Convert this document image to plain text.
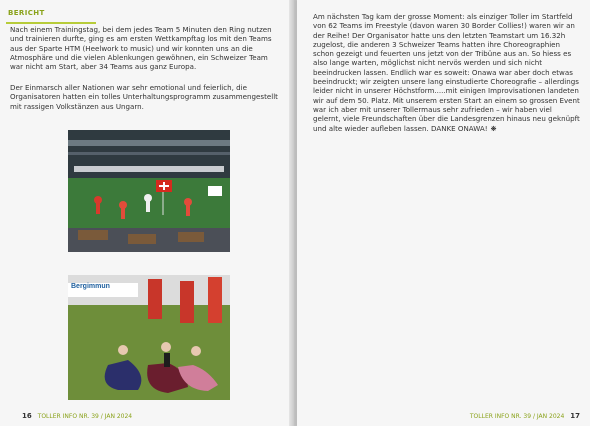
BERICHT

Nach einem Trainingstag, bei dem jedes Team 5 Minuten den Ring nutzen und trainieren durfte, ging es am ersten Wettkampftag los mit den Teams aus der Sparte HTM (Heelwork to music) und wir konnten uns an die Atmosphäre und die vielen Ablenkungen gewöhnen, ein Schweizer Team war nicht am Start, aber 34 Teams aus ganz Europa.

Der Einmarsch aller Nationen war sehr emotional und feierlich, die Organisatoren hatten ein tolles Unterhaltungsprogramm zusammengestellt mit rassigen Volkstänzen aus Ungarn.

Bergimmun
16 TOLLER INFO NR. 39 / JAN 2024

Am nächsten Tag kam der grosse Moment: als einziger Toller im Startfeld von 62 Teams im Freestyle (davon waren 30 Border Collies!) waren wir an der Reihe! Der Organisator hatte uns den letzten Teamstart um 16.32h zugelost, die anderen 3 Schweizer Teams hatten ihre Choreographien schon gezeigt und feuerten uns jetzt von der Tribüne aus an. So hiess es also lange warten, möglichst nicht nervös werden und sich nicht beeindrucken lassen. Endlich war es soweit: Onawa war aber doch etwas beeindruckt; wir zeigten unsere lang einstudierte Choreografie – allerdings leider nicht in unserer Höchstform.....mit einigen Improvisationen landeten wir auf dem 50. Platz. Mit unserem ersten Start an einem so grossen Event war ich aber mit unserer Tollermaus sehr zufrieden – wir haben viel gelernt, viele Freundschaften über die Landesgrenzen hinaus neu geknüpft und alte wieder aufleben lassen. DANKE ONAWA! ❋

TOLLER INFO NR. 39 / JAN 2024 17
